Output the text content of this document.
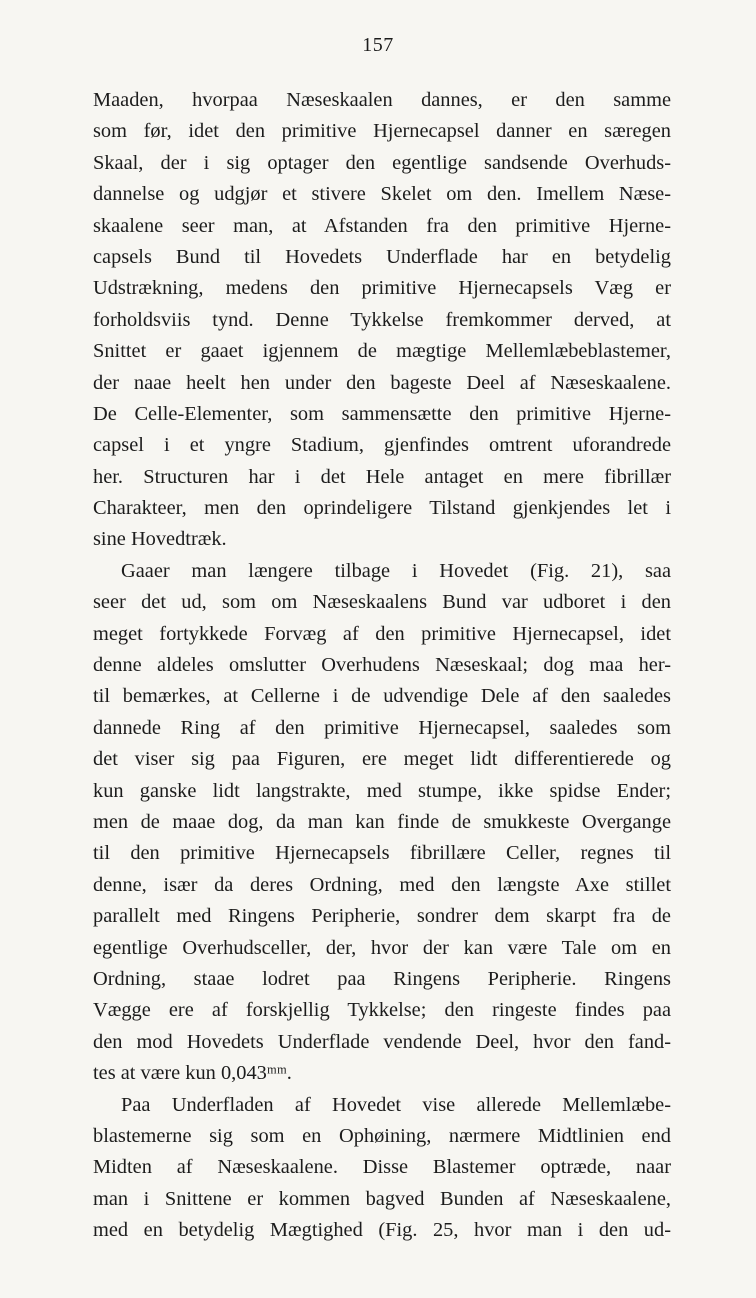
157
Maaden, hvorpaa Næseskaalen dannes, er den samme
som før, idet den primitive Hjernecapsel danner en særegen
Skaal, der i sig optager den egentlige sandsende Overhuds-
dannelse og udgjør et stivere Skelet om den. Imellem Næse-
skaalene seer man, at Afstanden fra den primitive Hjerne-
capsels Bund til Hovedets Underflade har en betydelig
Udstrækning, medens den primitive Hjernecapsels Væg er
forholdsviis tynd. Denne Tykkelse fremkommer derved, at
Snittet er gaaet igjennem de mægtige Mellemlæbeblastemer,
der naae heelt hen under den bageste Deel af Næseskaalene.
De Celle-Elementer, som sammensætte den primitive Hjerne-
capsel i et yngre Stadium, gjenfindes omtrent uforandrede
her. Structuren har i det Hele antaget en mere fibrillær
Charakteer, men den oprindeligere Tilstand gjenkjendes let i
sine Hovedtræk.
Gaaer man længere tilbage i Hovedet (Fig. 21), saa
seer det ud, som om Næseskaalens Bund var udboret i den
meget fortykkede Forvæg af den primitive Hjernecapsel, idet
denne aldeles omslutter Overhudens Næseskaal; dog maa her-
til bemærkes, at Cellerne i de udvendige Dele af den saaledes
dannede Ring af den primitive Hjernecapsel, saaledes som
det viser sig paa Figuren, ere meget lidt differentierede og
kun ganske lidt langstrakte, med stumpe, ikke spidse Ender;
men de maae dog, da man kan finde de smukkeste Overgange
til den primitive Hjernecapsels fibrillære Celler, regnes til
denne, især da deres Ordning, med den længste Axe stillet
parallelt med Ringens Peripherie, sondrer dem skarpt fra de
egentlige Overhudsceller, der, hvor der kan være Tale om en
Ordning, staae lodret paa Ringens Peripherie. Ringens
Vægge ere af forskjellig Tykkelse; den ringeste findes paa
den mod Hovedets Underflade vendende Deel, hvor den fand-
tes at være kun 0,043ᵐᵐ.
Paa Underfladen af Hovedet vise allerede Mellemlæbe-
blastemerne sig som en Ophøining, nærmere Midtlinien end
Midten af Næseskaalene. Disse Blastemer optræde, naar
man i Snittene er kommen bagved Bunden af Næseskaalene,
med en betydelig Mægtighed (Fig. 25, hvor man i den ud-
